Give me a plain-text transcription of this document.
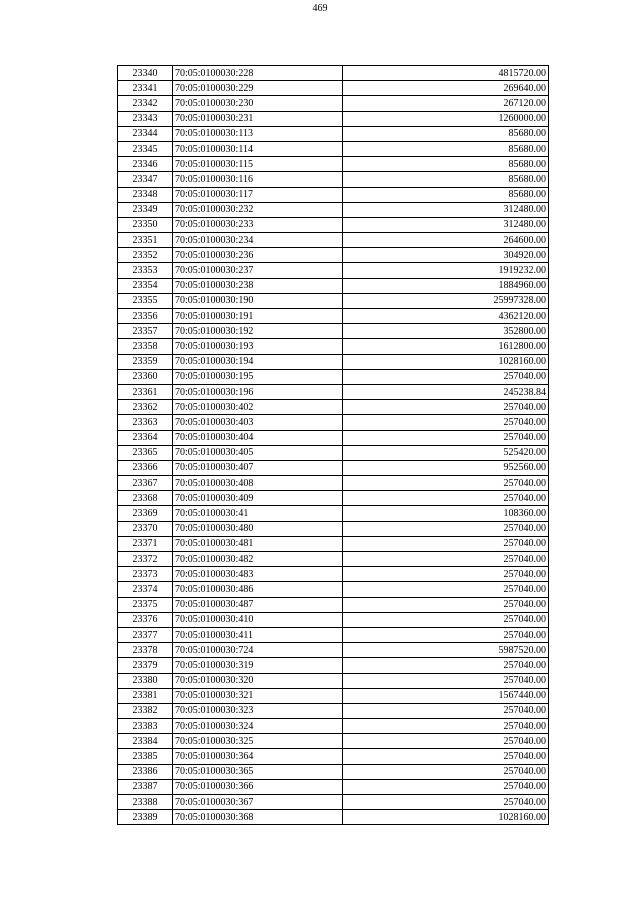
469
23340	70:05:0100030:228	4815720.00
23341	70:05:0100030:229	269640.00
23342	70:05:0100030:230	267120.00
23343	70:05:0100030:231	1260000.00
23344	70:05:0100030:113	85680.00
23345	70:05:0100030:114	85680.00
23346	70:05:0100030:115	85680.00
23347	70:05:0100030:116	85680.00
23348	70:05:0100030:117	85680.00
23349	70:05:0100030:232	312480.00
23350	70:05:0100030:233	312480.00
23351	70:05:0100030:234	264600.00
23352	70:05:0100030:236	304920.00
23353	70:05:0100030:237	1919232.00
23354	70:05:0100030:238	1884960.00
23355	70:05:0100030:190	25997328.00
23356	70:05:0100030:191	4362120.00
23357	70:05:0100030:192	352800.00
23358	70:05:0100030:193	1612800.00
23359	70:05:0100030:194	1028160.00
23360	70:05:0100030:195	257040.00
23361	70:05:0100030:196	245238.84
23362	70:05:0100030:402	257040.00
23363	70:05:0100030:403	257040.00
23364	70:05:0100030:404	257040.00
23365	70:05:0100030:405	525420.00
23366	70:05:0100030:407	952560.00
23367	70:05:0100030:408	257040.00
23368	70:05:0100030:409	257040.00
23369	70:05:0100030:41	108360.00
23370	70:05:0100030:480	257040.00
23371	70:05:0100030:481	257040.00
23372	70:05:0100030:482	257040.00
23373	70:05:0100030:483	257040.00
23374	70:05:0100030:486	257040.00
23375	70:05:0100030:487	257040.00
23376	70:05:0100030:410	257040.00
23377	70:05:0100030:411	257040.00
23378	70:05:0100030:724	5987520.00
23379	70:05:0100030:319	257040.00
23380	70:05:0100030:320	257040.00
23381	70:05:0100030:321	1567440.00
23382	70:05:0100030:323	257040.00
23383	70:05:0100030:324	257040.00
23384	70:05:0100030:325	257040.00
23385	70:05:0100030:364	257040.00
23386	70:05:0100030:365	257040.00
23387	70:05:0100030:366	257040.00
23388	70:05:0100030:367	257040.00
23389	70:05:0100030:368	1028160.00
